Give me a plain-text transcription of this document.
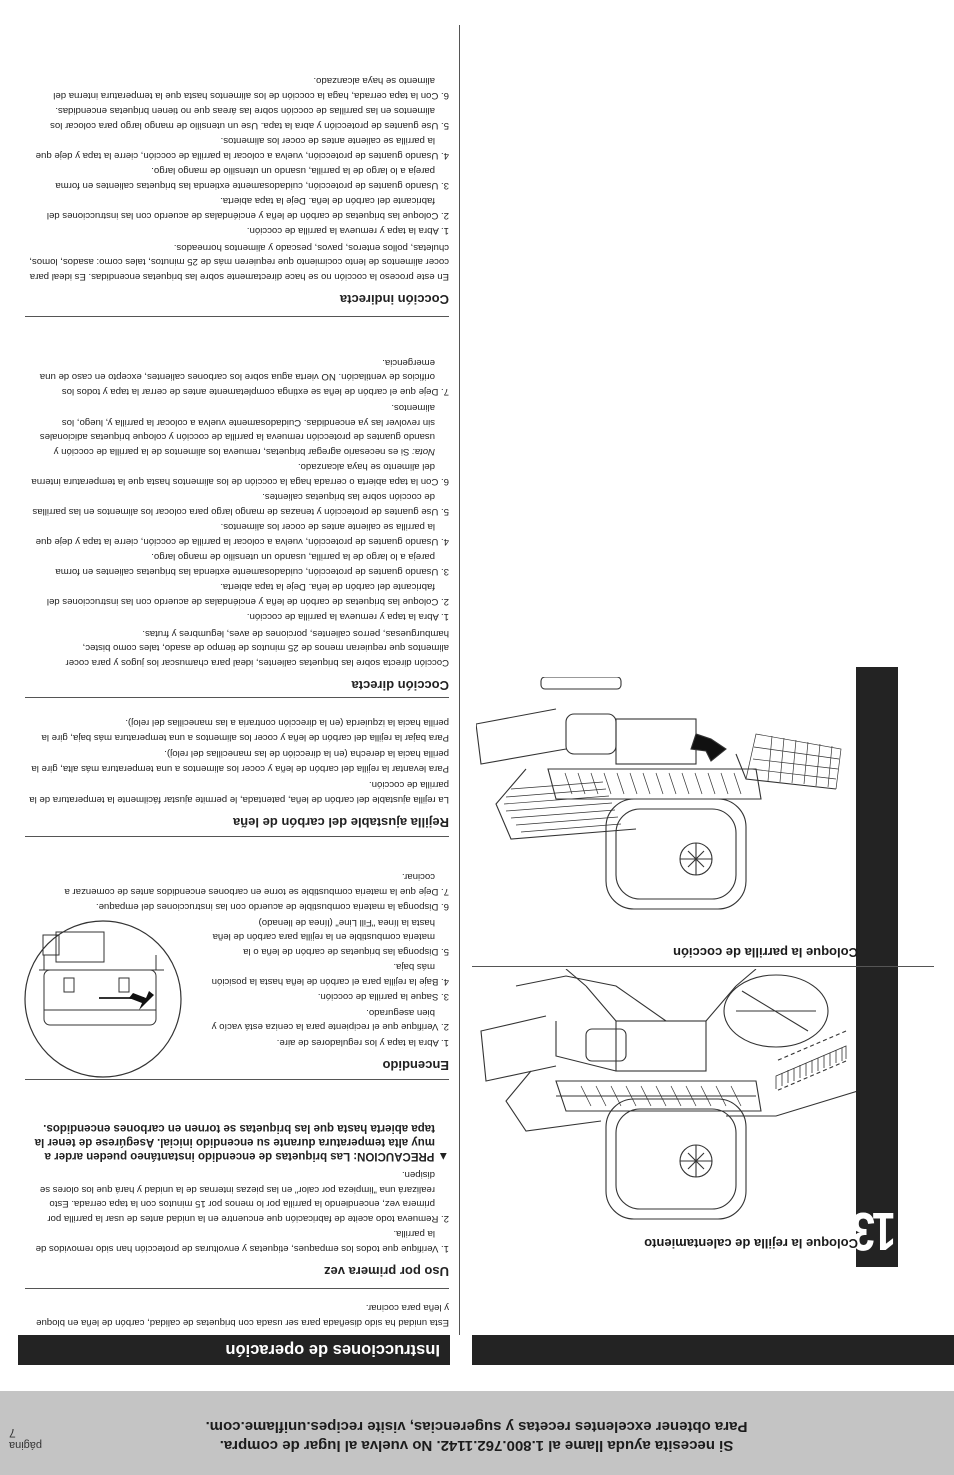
página
7
Si necesita ayuda llame al 1.800.762.1142. No vuelva al lugar de compra.
Para obtener excelentes recetas y sugerencias, visite recipes.uniflame.com.
Instrucciones de operación

Esta unidad ha sido diseñada para ser usada con briquetas de calidad, carbón de leña en bloque y leña para cocinar.

Uso por primera vez
1. Verifique que todos los empaques, etiquetas y envolturas de protección han sido removidos de la parrilla.
2. Remueva todo aceite de fabricación que encuentre en la unidad antes de usar la parrilla por primera vez, encendiendo la parrilla por lo menos por 15 minutos con la tapa cerrada. Esto realizará una "limpieza por calor" en las piezas internas de la unidad y hará que los olores se disipen.
▲ PRECAUCION: Las briquetas de encendido instantáneo pueden arder a muy alta temperatura durante su encendido inicial. Asegúrese de tener la tapa abierta hasta que las briquetas se tornen en carbones encendidos.
Encendido
1. Abra la tapa y los reguladores de aire.
2. Verifique que el recipiente para la ceniza está vacío y bien asegurado.
3. Saque la parrilla de cocción.
4. Baje la rejilla para el carbón de leña hasta la posición más baja.
5. Disponga las briquetas de carbón de leña o la materia combustible en la rejilla para carbón de leña hasta la línea "Fill Line" (línea de llenado)
6. Disponga la materia combustible de acuerdo con las instrucciones del empaque.
7. Deje que la materia combustible se torne en carbones encendidos antes de comenzar a cocinar.
Rejilla ajustable del carbón de leña

La rejilla ajustable del carbón de leña, patentada, le permite ajustar fácilmente la temperatura de la parrilla de cocción.

Para levantar la rejilla del carbón de leña y cocer los alimentos a una temperatura más alta, gire la perilla hacia la derecha (en la dirección de las manecillas del reloj).

Para bajar la rejilla del carbón de leña y cocer los alimentos a una temperatura más baja, gire la perilla hacia la izquierda (en la dirección contraria a las manecillas del reloj).

Cocción directa

Cocción directa sobre las briquetas calientes, ideal para chamuscar los jugos y para cocer alimentos que requieran menos de 25 minutos de tiempo de asado, tales como bistec, hamburguesas, perros calientes, porciones de aves, legumbres y frutas.

1. Abra la tapa y remueva la parrilla de cocción.
2. Coloque las briquetas de carbón de leña y enciéndalas de acuerdo con las instrucciones del fabricante del carbón de leña. Deje la tapa abierta.
3. Usando guantes de protección, cuidadosamente extienda las briquetas calientes en forma pareja a lo largo de la parrilla, usando un utensilio de mango largo.
4. Usando guantes de protección, vuelva a colocar la parrilla de cocción, cierre la tapa y deje que la parrilla se caliente antes de cocer los alimentos.
5. Use guantes de protección y tenazas de mango largo para colocar los alimentos en las parrillas de cocción sobre las briquetas calientes.
6. Con la tapa abierta o cerrada haga la cocción de los alimentos hasta que la temperatura interna del alimento se haya alcanzado.

Nota: Si es necesario agregar briquetas, remueva los alimentos de la parrilla de cocción y usando guantes de protección remueva la parrilla de cocción y coloque briquetas adicionales sin revolver las ya encendidas. Cuidadosamente vuelva a colocar la parrilla y, luego, los alimentos.

7. Deje que el carbón de leña se extinga completamente antes de cerrar la tapa y todos los orificios de ventilación. NO vierta agua sobre los carbones calientes, excepto en caso de una emergencia.
Cocción indirecta

En este proceso la cocción no se hace directamente sobre las briquetas encendidas. Es ideal para cocer alimentos de lento cocimiento que requieren más de 25 minutos, tales como: asados, lomos, chuletas, pollos enteros, pavos, pescado y alimentos horneados.

1. Abra la tapa y remueva la parrilla de cocción.
2. Coloque las briquetas de carbón de leña y enciéndalas de acuerdo con las instrucciones del fabricante del carbón de leña. Deje la tapa abierta.
3. Usando guantes de protección, cuidadosamente extienda las briquetas calientes en forma pareja a lo largo de la parrilla, usando un utensilio de mango largo.
4. Usando guantes de protección, vuelva a colocar la parrilla de cocción, cierre la tapa y deje que la parrilla se caliente antes de cocer los alimentos.
5. Use guantes de protección y abra la tapa. Use un utensilio de mango largo para colocar los alimentos en las parrillas de cocción sobre las áreas que no tienen briquetas encendidas.
6. Con la tapa cerrada, haga la cocción de los alimentos hasta que la temperatura interna del alimento se haya alcanzado.
13
Coloque la rejilla de calentamiento
Coloque la parrilla de cocción
